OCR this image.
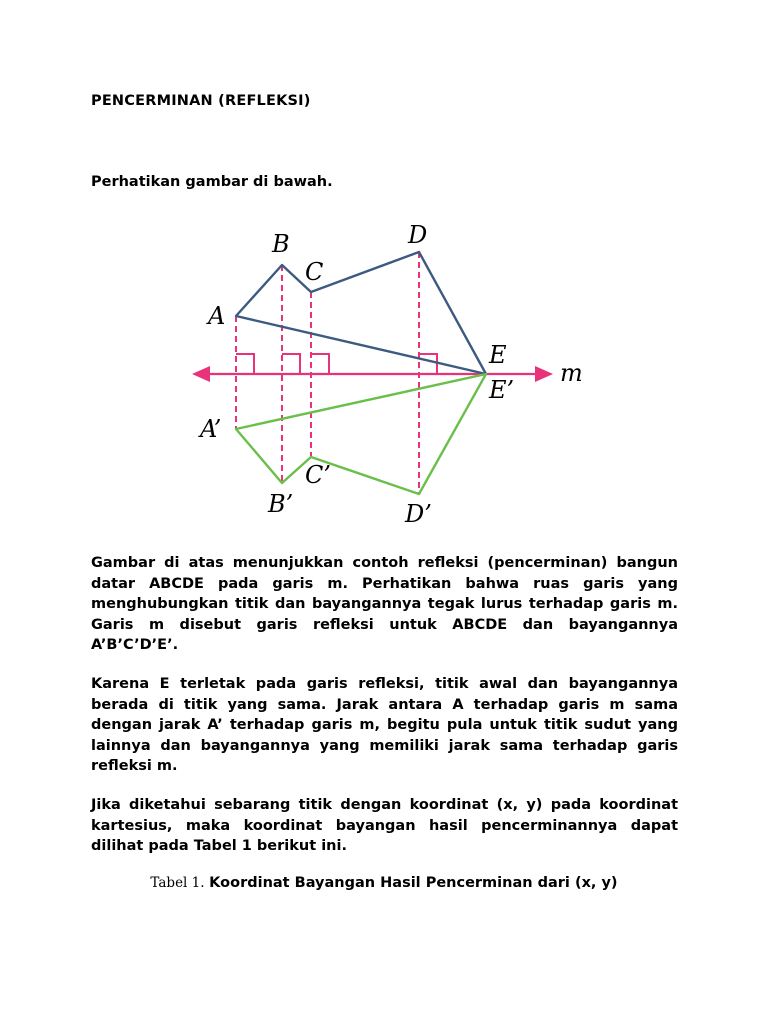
PENCERMINAN (REFLEKSI)
Perhatikan gambar di bawah.
A
B
C
D
E
m
A’
B’
C’
D’
E’

Gambar di atas menunjukkan contoh refleksi (pencerminan) bangun datar ABCDE pada garis m. Perhatikan bahwa ruas garis yang menghubungkan titik dan bayangannya tegak lurus terhadap garis m. Garis m disebut garis refleksi untuk ABCDE dan bayangannya A’B’C’D’E’.

Karena E terletak pada garis refleksi, titik awal dan bayangannya berada di titik yang sama. Jarak antara A terhadap garis m sama dengan jarak A’ terhadap garis m, begitu pula untuk titik sudut yang lainnya dan bayangannya yang memiliki jarak sama terhadap garis refleksi m.

Jika diketahui sebarang titik dengan koordinat (x, y) pada koordinat kartesius, maka koordinat bayangan hasil pencerminannya dapat dilihat pada Tabel 1 berikut ini.

Tabel 1. Koordinat Bayangan Hasil Pencerminan dari (x, y)
